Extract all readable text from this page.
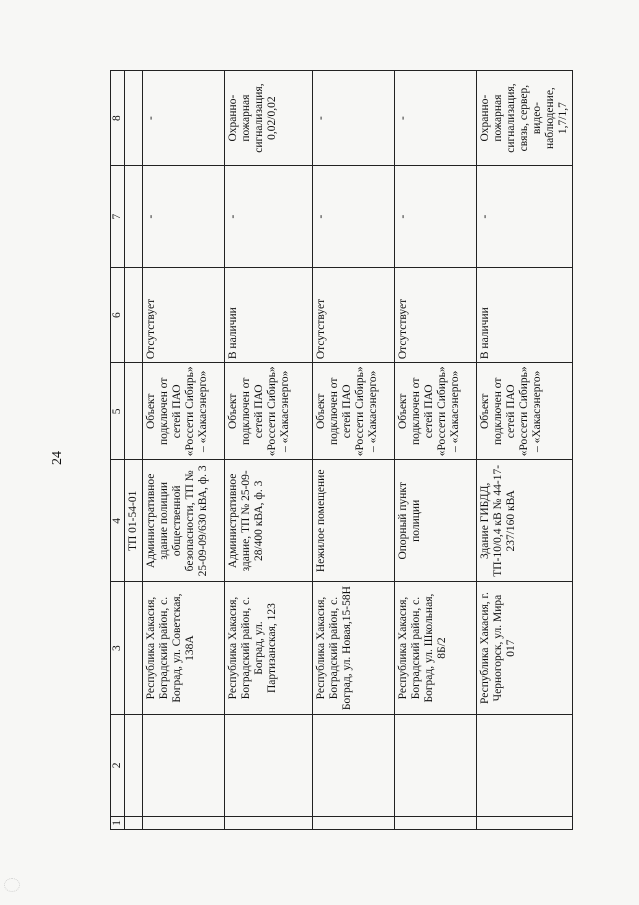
24
1	2	3	4	5	6	7	8
			ТП 01-54-01				
		Республика Хакасия, Боградский район, с. Боград, ул. Советская, 138А	Административное здание полиции общественной безопасности, ТП № 25-09-09/630 кВА, ф. 3	Объект подключен от сетей ПАО «Россети Сибирь» – «Хакасэнерго»	Отсутствует	-	-
		Республика Хакасия, Боградский район, с. Боград, ул. Партизанская, 123	Административное здание, ТП № 25-09-28/400 кВА, ф. 3	Объект подключен от сетей ПАО «Россети Сибирь» – «Хакасэнерго»	В наличии	-	Охранно-пожарная сигнализация, 0,02/0,02
		Республика Хакасия, Боградский район, с. Боград, ул. Новая,15-58Н	Нежилое помещение	Объект подключен от сетей ПАО «Россети Сибирь» – «Хакасэнерго»	Отсутствует	-	-
		Республика Хакасия, Боградский район, с. Боград, ул. Школьная, 8Б/2	Опорный пункт полиции	Объект подключен от сетей ПАО «Россети Сибирь» – «Хакасэнерго»	Отсутствует	-	-
		Республика Хакасия, г. Черногорск, ул. Мира 017	Здание ГИБДД, ТП-10/0,4 кВ № 44-17-237/160 кВА	Объект подключен от сетей ПАО «Россети Сибирь» – «Хакасэнерго»	В наличии	-	Охранно-пожарная сигнализация, связь, сервер, видео-наблюдение, 1,7/1,7
